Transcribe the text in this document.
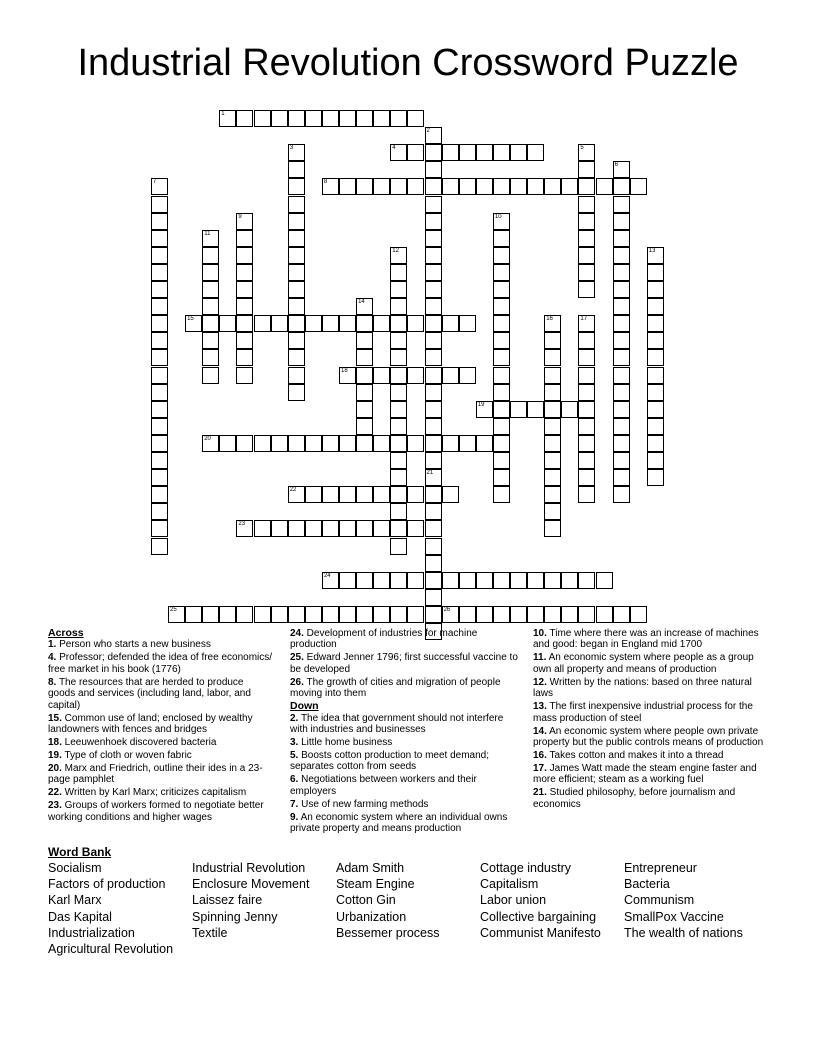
Industrial Revolution Crossword Puzzle
1
2
21
3	4	5
6
7	8
9	10
11
12	13
14
15	16	17
18
19
20
22
23
24
25	26
Across
1. Person who starts a new business
4. Professor; defended the idea of free economics/ free market in his book (1776)
8. The resources that are herded to produce goods and services (including land, labor, and capital)
15. Common use of land; enclosed by wealthy landowners with fences and bridges
18. Leeuwenhoek discovered bacteria
19. Type of cloth or woven fabric
20. Marx and Friedrich, outline their ides in a 23-page pamphlet
22. Written by Karl Marx; criticizes capitalism
23. Groups of workers formed to negotiate better working conditions and higher wages
24. Development of industries for machine production
25. Edward Jenner 1796; first successful vaccine to be developed
26. The growth of cities and migration of people moving into them
Down
2. The idea that government should not interfere with industries and businesses
3. Little home business
5. Boosts cotton production to meet demand; separates cotton from seeds
6. Negotiations between workers and their employers
7. Use of new farming methods
9. An economic system where an individual owns private property and means production
10. Time where there was an increase of machines and good: began in England mid 1700
11. An economic system where people as a group own all property and means of production
12. Written by the nations: based on three natural laws
13. The first inexpensive industrial process for the mass production of steel
14. An economic system where people own private property but the public controls means of production
16. Takes cotton and makes it into a thread
17. James Watt made the steam engine faster and more efficient; steam as a working fuel
21. Studied philosophy, before journalism and economics
Word Bank
Socialism
Factors of production
Karl Marx
Das Kapital
Industrialization
Agricultural Revolution
Industrial Revolution
Enclosure Movement
Laissez faire
Spinning Jenny
Textile
Adam Smith
Steam Engine
Cotton Gin
Urbanization
Bessemer process
Cottage industry
Capitalism
Labor union
Collective bargaining
Communist Manifesto
Entrepreneur
Bacteria
Communism
SmallPox Vaccine
The wealth of nations
